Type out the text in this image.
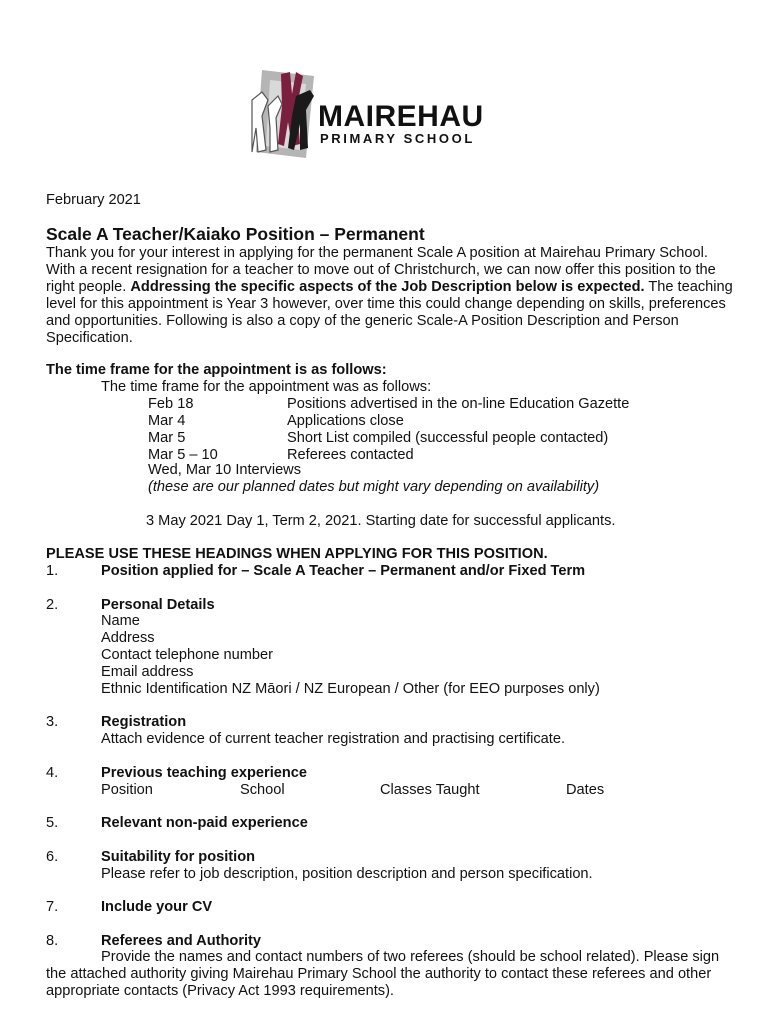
MAIREHAU
PRIMARY SCHOOL
February 2021
Scale A Teacher/Kaiako Position – Permanent

Thank you for your interest in applying for the permanent Scale A position at Mairehau Primary School. With a recent resignation for a teacher to move out of Christchurch, we can now offer this position to the right people. Addressing the specific aspects of the Job Description below is expected. The teaching level for this appointment is Year 3 however, over time this could change depending on skills, preferences and opportunities. Following is also a copy of the generic Scale-A Position Description and Person Specification.

The time frame for the appointment is as follows:
The time frame for the appointment was as follows:
Feb 18	Positions advertised in the on-line Education Gazette
Mar 4	Applications close
Mar 5	Short List compiled (successful people contacted)
Mar 5 – 10	Referees contacted
Wed, Mar 10 Interviews
(these are our planned dates but might vary depending on availability)
3 May 2021 Day 1, Term 2, 2021. Starting date for successful applicants.
PLEASE USE THESE HEADINGS WHEN APPLYING FOR THIS POSITION.
1.	Position applied for – Scale A Teacher – Permanent and/or Fixed Term
2.	Personal Details
Name
Address
Contact telephone number
Email address
Ethnic Identification NZ Māori / NZ European / Other (for EEO purposes only)
3.	Registration
Attach evidence of current teacher registration and practising certificate.
4.	Previous teaching experience
Position	School	Classes Taught	Dates
5.	Relevant non-paid experience
6.	Suitability for position
Please refer to job description, position description and person specification.
7.	Include your CV
8.	Referees and Authority

Provide the names and contact numbers of two referees (should be school related). Please sign the attached authority giving Mairehau Primary School the authority to contact these referees and other appropriate contacts (Privacy Act 1993 requirements).
